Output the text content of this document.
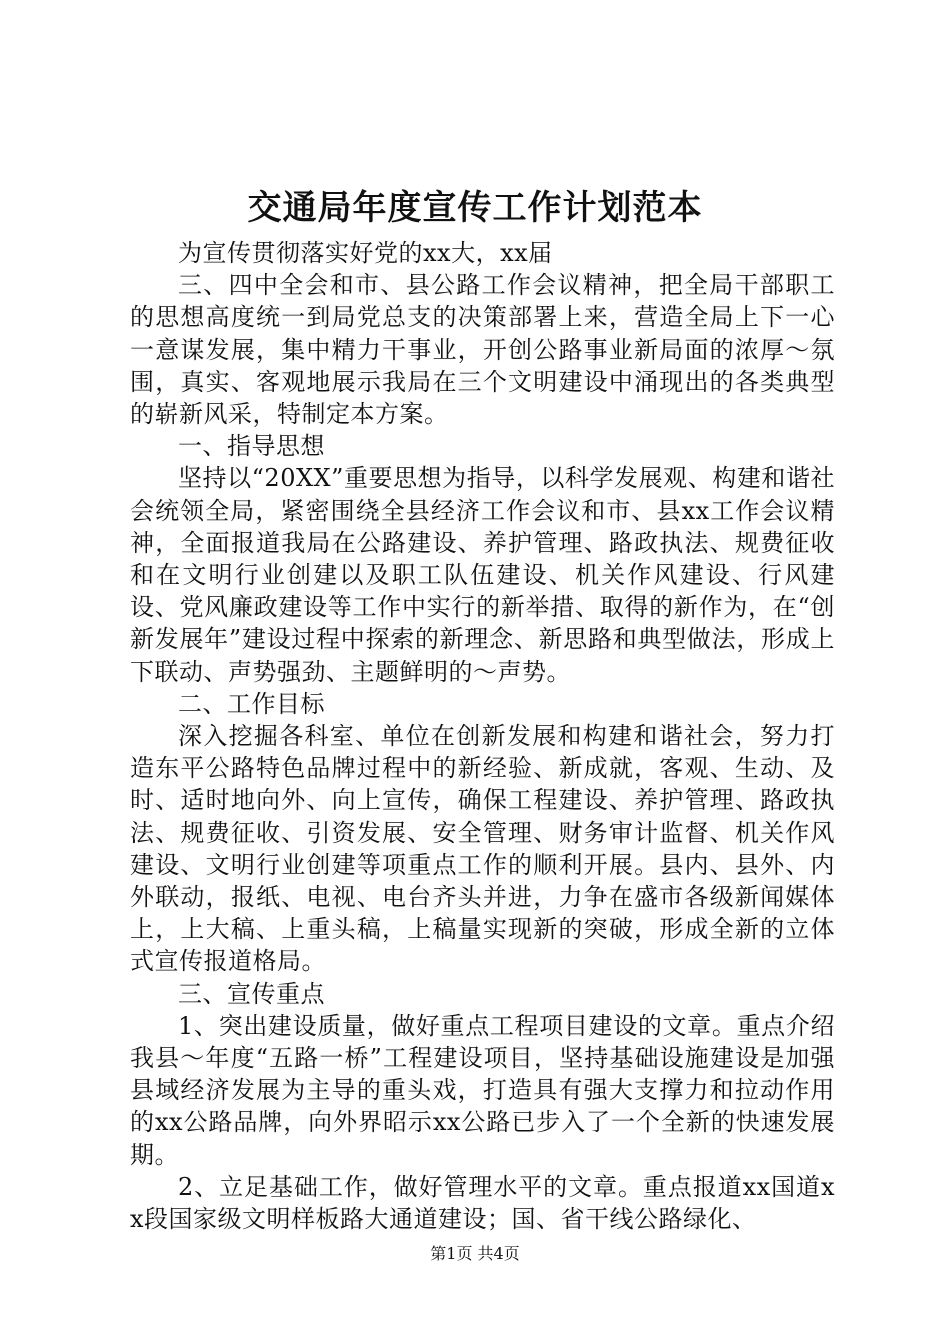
交通局年度宣传工作计划范本

为宣传贯彻落实好党的xx大，xx届

三、四中全会和市、县公路工作会议精神，把全局干部职工的思想高度统一到局党总支的决策部署上来，营造全局上下一心一意谋发展，集中精力干事业，开创公路事业新局面的浓厚～氛围，真实、客观地展示我局在三个文明建设中涌现出的各类典型的崭新风采，特制定本方案。

一、指导思想

坚持以“20XX”重要思想为指导，以科学发展观、构建和谐社会统领全局，紧密围绕全县经济工作会议和市、县xx工作会议精神，全面报道我局在公路建设、养护管理、路政执法、规费征收和在文明行业创建以及职工队伍建设、机关作风建设、行风建设、党风廉政建设等工作中实行的新举措、取得的新作为，在“创新发展年”建设过程中探索的新理念、新思路和典型做法，形成上下联动、声势强劲、主题鲜明的～声势。

二、工作目标

深入挖掘各科室、单位在创新发展和构建和谐社会，努力打造东平公路特色品牌过程中的新经验、新成就，客观、生动、及时、适时地向外、向上宣传，确保工程建设、养护管理、路政执法、规费征收、引资发展、安全管理、财务审计监督、机关作风建设、文明行业创建等项重点工作的顺利开展。县内、县外、内外联动，报纸、电视、电台齐头并进，力争在盛市各级新闻媒体上，上大稿、上重头稿，上稿量实现新的突破，形成全新的立体式宣传报道格局。

三、宣传重点

1、突出建设质量，做好重点工程项目建设的文章。重点介绍我县～年度“五路一桥”工程建设项目，坚持基础设施建设是加强县域经济发展为主导的重头戏，打造具有强大支撑力和拉动作用的xx公路品牌，向外界昭示xx公路已步入了一个全新的快速发展期。

2、立足基础工作，做好管理水平的文章。重点报道xx国道xx段国家级文明样板路大通道建设；国、省干线公路绿化、

第1页 共4页
